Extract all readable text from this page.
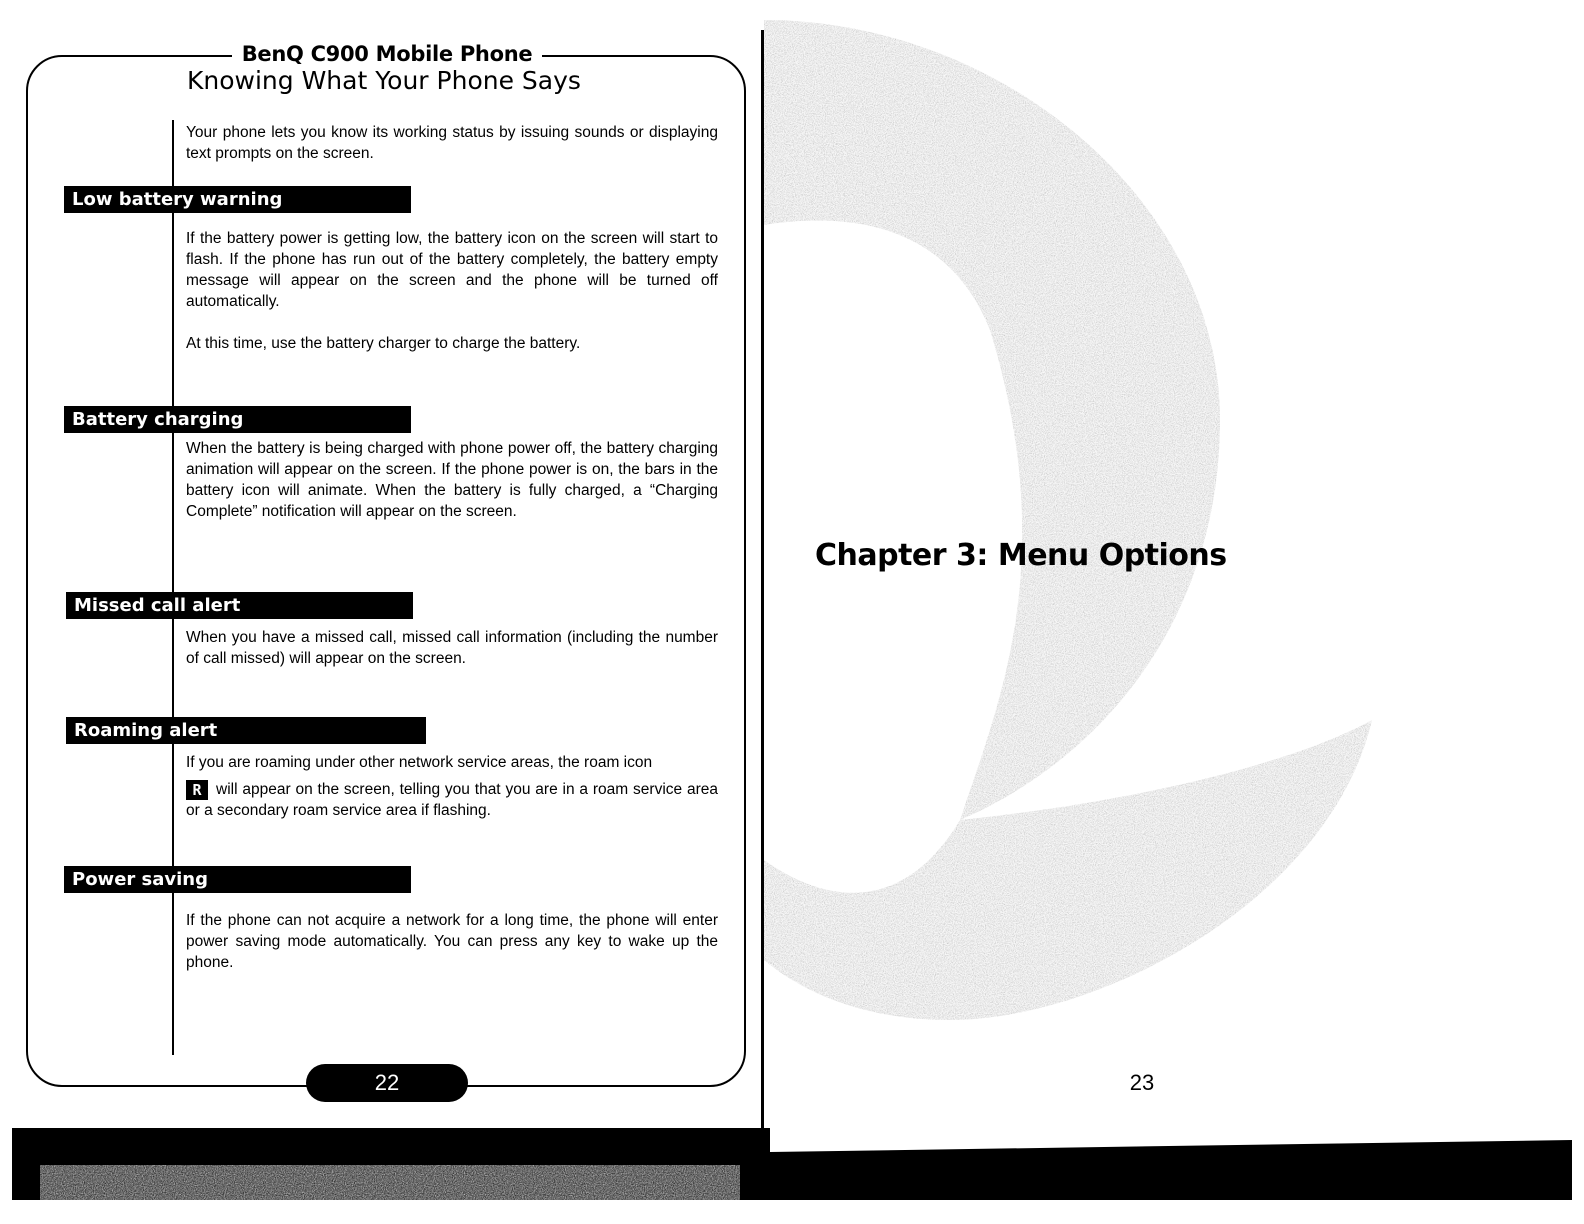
BenQ C900 Mobile Phone
Knowing What Your Phone Says
Your phone lets you know its working status by issuing sounds or displaying text prompts on the screen.
Low battery warning
If the battery power is getting low, the battery icon on the screen will start to flash. If the phone has run out of the battery completely, the battery empty message will appear on the screen and the phone will be turned off automatically.
At this time, use the battery charger to charge the battery.
Battery charging
When the battery is being charged with phone power off, the battery charging animation will appear on the screen. If the phone power is on, the bars in the battery icon will animate. When the battery is fully charged, a “Charging Complete” notification will appear on the screen.
Missed call alert
When you have a missed call, missed call information (including the number of call missed) will appear on the screen.
Roaming alert
If you are roaming under other network service areas, the roam icon
R will appear on the screen, telling you that you are in a roam service area or a secondary roam service area if flashing.
Power saving
If the phone can not acquire a network for a long time, the phone will enter power saving mode automatically. You can press any key to wake up the phone.
22
Chapter 3: Menu Options
23
